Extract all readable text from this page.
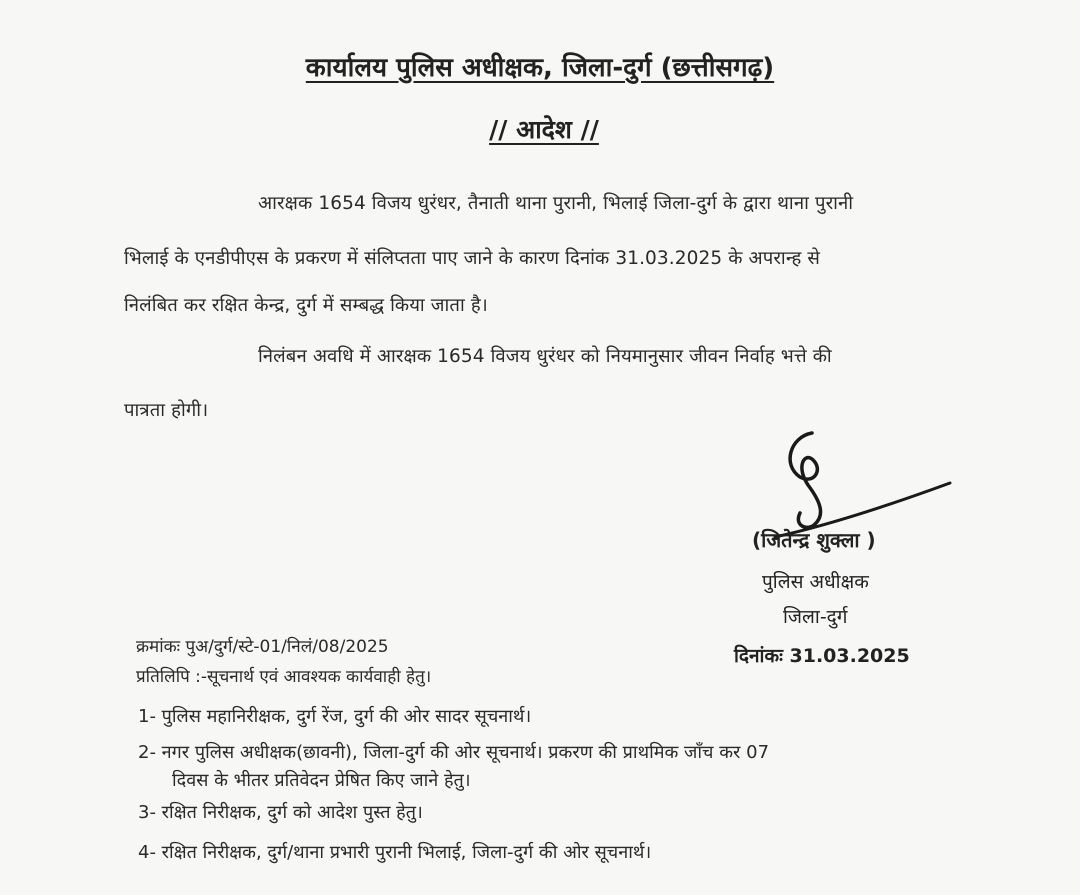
कार्यालय पुलिस अधीक्षक, जिला-दुर्ग (छत्तीसगढ़)
// आदेश //
आरक्षक 1654 विजय धुरंधर, तैनाती थाना पुरानी, भिलाई जिला-दुर्ग के द्वारा थाना पुरानी
भिलाई के एनडीपीएस के प्रकरण में संलिप्तता पाए जाने के कारण दिनांक 31.03.2025 के अपरान्ह से
निलंबित कर रक्षित केन्द्र, दुर्ग में सम्बद्ध किया जाता है।
निलंबन अवधि में आरक्षक 1654 विजय धुरंधर को नियमानुसार जीवन निर्वाह भत्ते की
पात्रता होगी।
(जितेन्द्र शुक्ला )
पुलिस अधीक्षक
जिला-दुर्ग
दिनांकः 31.03.2025
क्रमांकः पुअ/दुर्ग/स्टे-01/निलं/08/2025
प्रतिलिपि :-सूचनार्थ एवं आवश्यक कार्यवाही हेतु।
1- पुलिस महानिरीक्षक, दुर्ग रेंज, दुर्ग की ओर सादर सूचनार्थ।
2- नगर पुलिस अधीक्षक(छावनी), जिला-दुर्ग की ओर सूचनार्थ। प्रकरण की प्राथमिक जाँच कर 07
दिवस के भीतर प्रतिवेदन प्रेषित किए जाने हेतु।
3- रक्षित निरीक्षक, दुर्ग को आदेश पुस्त हेतु।
4- रक्षित निरीक्षक, दुर्ग/थाना प्रभारी पुरानी भिलाई, जिला-दुर्ग की ओर सूचनार्थ।
